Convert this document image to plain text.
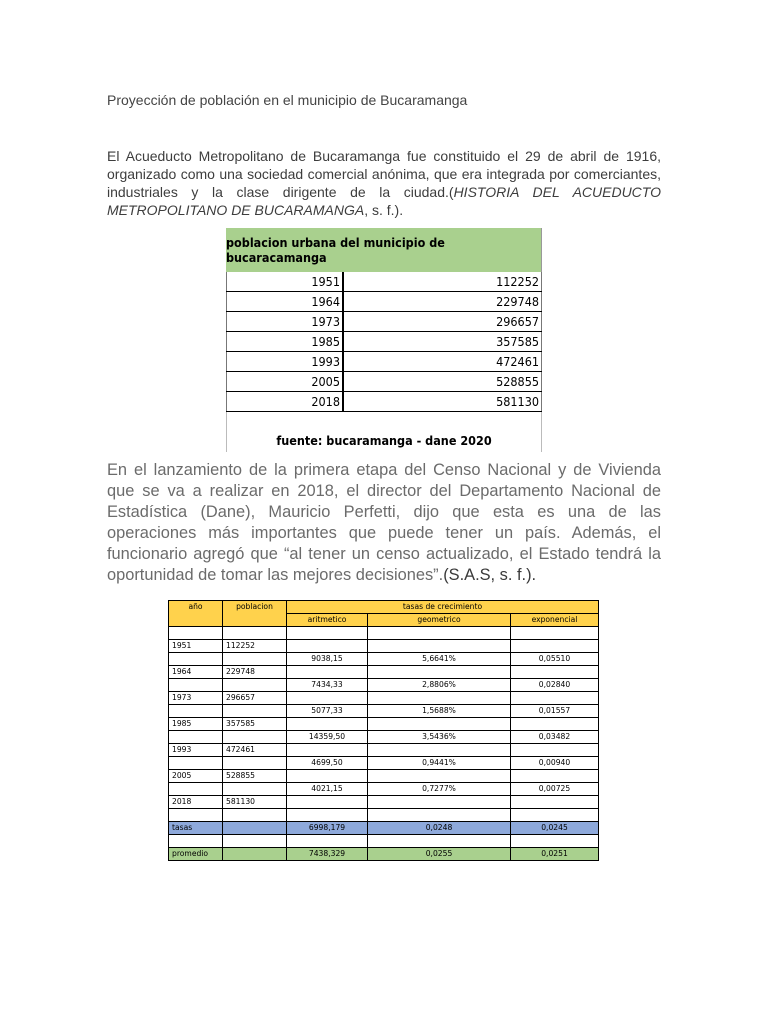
Proyección de población en el municipio de Bucaramanga
El Acueducto Metropolitano de Bucaramanga fue constituido el 29 de abril de 1916, organizado como una sociedad comercial anónima, que era integrada por comerciantes, industriales y la clase dirigente de la ciudad.(HISTORIA DEL ACUEDUCTO METROPOLITANO DE BUCARAMANGA, s. f.).
poblacion urbana del municipio de bucaracamanga
1951	112252
1964	229748
1973	296657
1985	357585
1993	472461
2005	528855
2018	581130
fuente: bucaramanga - dane 2020
En el lanzamiento de la primera etapa del Censo Nacional y de Vivienda que se va a realizar en 2018, el director del Departamento Nacional de Estadística (Dane), Mauricio Perfetti, dijo que esta es una de las operaciones más importantes que puede tener un país. Además, el funcionario agregó que “al tener un censo actualizado, el Estado tendrá la oportunidad de tomar las mejores decisiones”.(S.A.S, s. f.).
año	poblacion	tasas de crecimiento		
		aritmetico	geometrico	exponencial

1951	112252			
		9038,15	5,6641%	0,05510
1964	229748			
		7434,33	2,8806%	0,02840
1973	296657			
		5077,33	1,5688%	0,01557
1985	357585			
		14359,50	3,5436%	0,03482
1993	472461			
		4699,50	0,9441%	0,00940
2005	528855			
		4021,15	0,7277%	0,00725
2018	581130			

tasas		6998,179	0,0248	0,0245

promedio		7438,329	0,0255	0,0251
